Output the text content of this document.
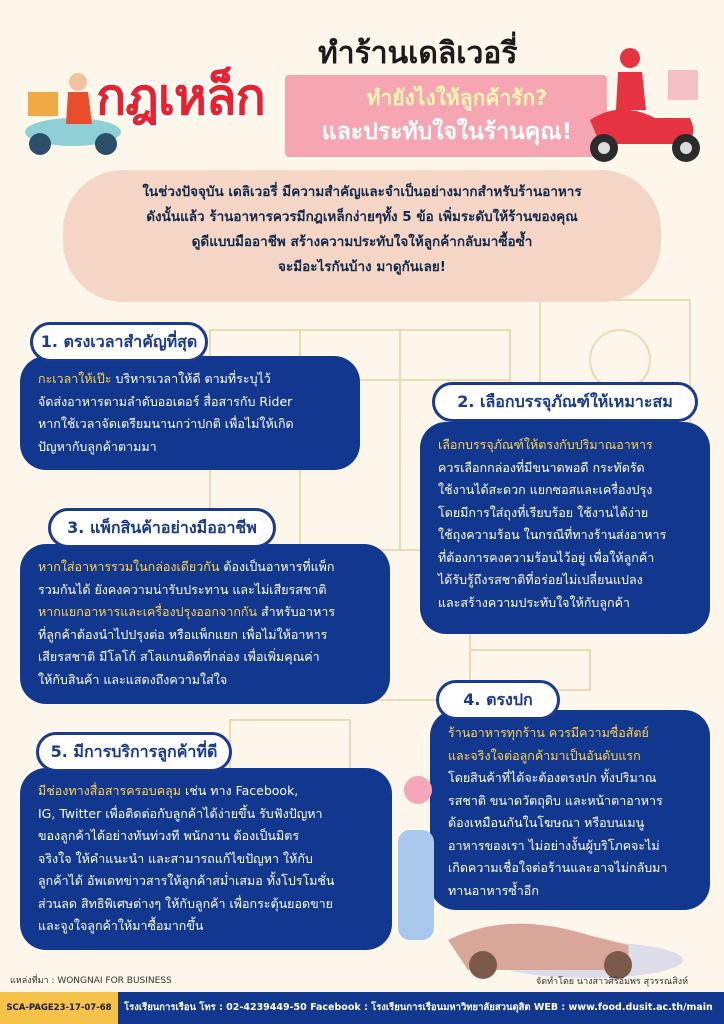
ทำร้านเดลิเวอรี่
กฎเหล็ก	ทำยังไงให้ลูกค้ารัก?
และประทับใจในร้านคุณ!
ในช่วงปัจจุบัน เดลิเวอรี่ มีความสำคัญและจำเป็นอย่างมากสำหรับร้านอาหาร
ดังนั้นแล้ว ร้านอาหารควรมีกฎเหล็กง่ายๆทั้ง 5 ข้อ เพิ่มระดับให้ร้านของคุณ
ดูดีแบบมืออาชีพ สร้างความประทับใจให้ลูกค้ากลับมาซื้อซ้ำ
จะมีอะไรกันบ้าง มาดูกันเลย!
กะเวลาให้เป๊ะ บริหารเวลาให้ดี ตามที่ระบุไว้
จัดส่งอาหารตามลำดับออเดอร์ สื่อสารกับ Rider
หากใช้เวลาจัดเตรียมนานกว่าปกติ เพื่อไม่ให้เกิด
ปัญหากับลูกค้าตามมา
1. ตรงเวลาสำคัญที่สุด
เลือกบรรจุภัณฑ์ให้ตรงกับปริมาณอาหาร
ควรเลือกกล่องที่มีขนาดพอดี กระทัดรัด
ใช้งานได้สะดวก แยกซอสและเครื่องปรุง
โดยมีการใส่ถุงที่เรียบร้อย ใช้งานได้ง่าย
ใช้ถุงความร้อน ในกรณีที่ทางร้านส่งอาหาร
ที่ต้องการคงความร้อนไว้อยู่ เพื่อให้ลูกค้า
ได้รับรู้ถึงรสชาติที่อร่อยไม่เปลี่ยนแปลง
และสร้างความประทับใจให้กับลูกค้า
2. เลือกบรรจุภัณฑ์ให้เหมาะสม
หากใส่อาหารรวมในกล่องเดียวกัน ต้องเป็นอาหารที่แพ็ก
รวมกันได้ ยังคงความน่ารับประทาน และไม่เสียรสชาติ
หากแยกอาหารและเครื่องปรุงออกจากกัน สำหรับอาหาร
ที่ลูกค้าต้องนำไปปรุงต่อ หรือแพ็กแยก เพื่อไม่ให้อาหาร
เสียรสชาติ มีโลโก้ สโลแกนติดที่กล่อง เพื่อเพิ่มคุณค่า
ให้กับสินค้า และแสดงถึงความใส่ใจ
3. แพ็กสินค้าอย่างมืออาชีพ
ร้านอาหารทุกร้าน ควรมีความซื่อสัตย์
และจริงใจต่อลูกค้ามาเป็นอันดับแรก
โดยสินค้าที่ได้จะต้องตรงปก ทั้งปริมาณ
รสชาติ ขนาดวัตถุดิบ และหน้าตาอาหาร
ต้องเหมือนกันในโฆษณา หรือบนเมนู
อาหารของเรา ไม่อย่างงั้นผู้บริโภคจะไม่
เกิดความเชื่อใจต่อร้านและอาจไม่กลับมา
ทานอาหารซ้ำอีก
4. ตรงปก
มีช่องทางสื่อสารครอบคลุม เช่น ทาง Facebook,
IG, Twitter เพื่อติดต่อกับลูกค้าได้ง่ายขึ้น รับฟังปัญหา
ของลูกค้าได้อย่างทันท่วงที พนักงาน ต้องเป็นมิตร
จริงใจ ให้คำแนะนำ และสามารถแก้ไขปัญหา ให้กับ
ลูกค้าได้ อัพเดทข่าวสารให้ลูกค้าสม่ำเสมอ ทั้งโปรโมชั่น
ส่วนลด สิทธิพิเศษต่างๆ ให้กับลูกค้า เพื่อกระตุ้นยอดขาย
และจูงใจลูกค้าให้มาซื้อมากขึ้น
5. มีการบริการลูกค้าที่ดี
แหล่งที่มา : WONGNAI FOR BUSINESS	จัดทำโดย นางสาวศิริอัมพร สุวรรณสิงห์
SCA-PAGE23-17-07-68	โรงเรียนการเรือน โทร : 02-4239449-50 Facebook : โรงเรียนการเรือนมหาวิทยาลัยสวนดุสิต WEB : www.food.dusit.ac.th/main
